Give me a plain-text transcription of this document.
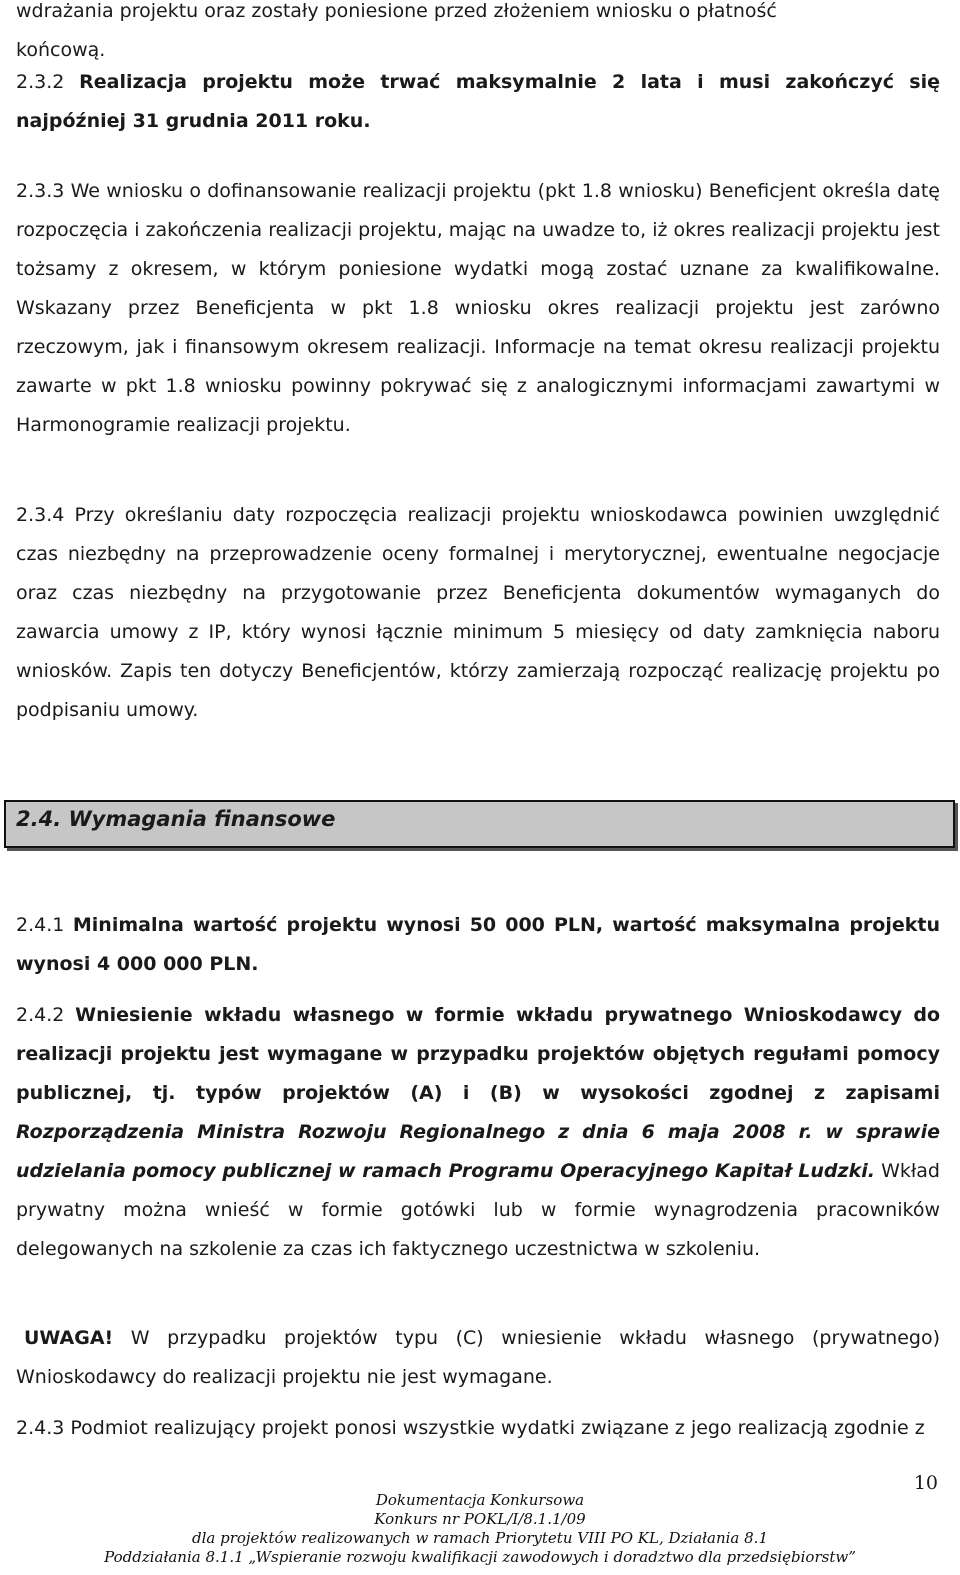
wdrażania projektu oraz zostały poniesione przed złożeniem wniosku o płatność
końcową.

2.3.2 Realizacja projektu może trwać maksymalnie 2 lata i musi zakończyć się najpóźniej 31 grudnia 2011 roku.

2.3.3 We wniosku o dofinansowanie realizacji projektu (pkt 1.8 wniosku) Beneficjent określa datę rozpoczęcia i zakończenia realizacji projektu, mając na uwadze to, iż okres realizacji projektu jest tożsamy z okresem, w którym poniesione wydatki mogą zostać uznane za kwalifikowalne. Wskazany przez Beneficjenta w pkt 1.8 wniosku okres realizacji projektu jest zarówno rzeczowym, jak i finansowym okresem realizacji. Informacje na temat okresu realizacji projektu zawarte w pkt 1.8 wniosku powinny pokrywać się z analogicznymi informacjami zawartymi w Harmonogramie realizacji projektu.

2.3.4 Przy określaniu daty rozpoczęcia realizacji projektu wnioskodawca powinien uwzględnić czas niezbędny na przeprowadzenie oceny formalnej i merytorycznej, ewentualne negocjacje oraz czas niezbędny na przygotowanie przez Beneficjenta dokumentów wymaganych do zawarcia umowy z IP, który wynosi łącznie minimum 5 miesięcy od daty zamknięcia naboru wniosków. Zapis ten dotyczy Beneficjentów, którzy zamierzają rozpocząć realizację projektu po podpisaniu umowy.

2.4. Wymagania finansowe

2.4.1 Minimalna wartość projektu wynosi 50 000 PLN, wartość maksymalna projektu wynosi 4 000 000 PLN.

2.4.2 Wniesienie wkładu własnego w formie wkładu prywatnego Wnioskodawcy do realizacji projektu jest wymagane w przypadku projektów objętych regułami pomocy publicznej, tj. typów projektów (A) i (B) w wysokości zgodnej z zapisami Rozporządzenia Ministra Rozwoju Regionalnego z dnia 6 maja 2008 r. w sprawie udzielania pomocy publicznej w ramach Programu Operacyjnego Kapitał Ludzki. Wkład prywatny można wnieść w formie gotówki lub w formie wynagrodzenia pracowników delegowanych na szkolenie za czas ich faktycznego uczestnictwa w szkoleniu.

UWAGA! W przypadku projektów typu (C) wniesienie wkładu własnego (prywatnego) Wnioskodawcy do realizacji projektu nie jest wymagane.

2.4.3 Podmiot realizujący projekt ponosi wszystkie wydatki związane z jego realizacją zgodnie z

10
Dokumentacja Konkursowa
Konkurs nr POKL/I/8.1.1/09
dla projektów realizowanych w ramach Priorytetu VIII PO KL, Działania 8.1
Poddziałania 8.1.1 „Wspieranie rozwoju kwalifikacji zawodowych i doradztwo dla przedsiębiorstw”
